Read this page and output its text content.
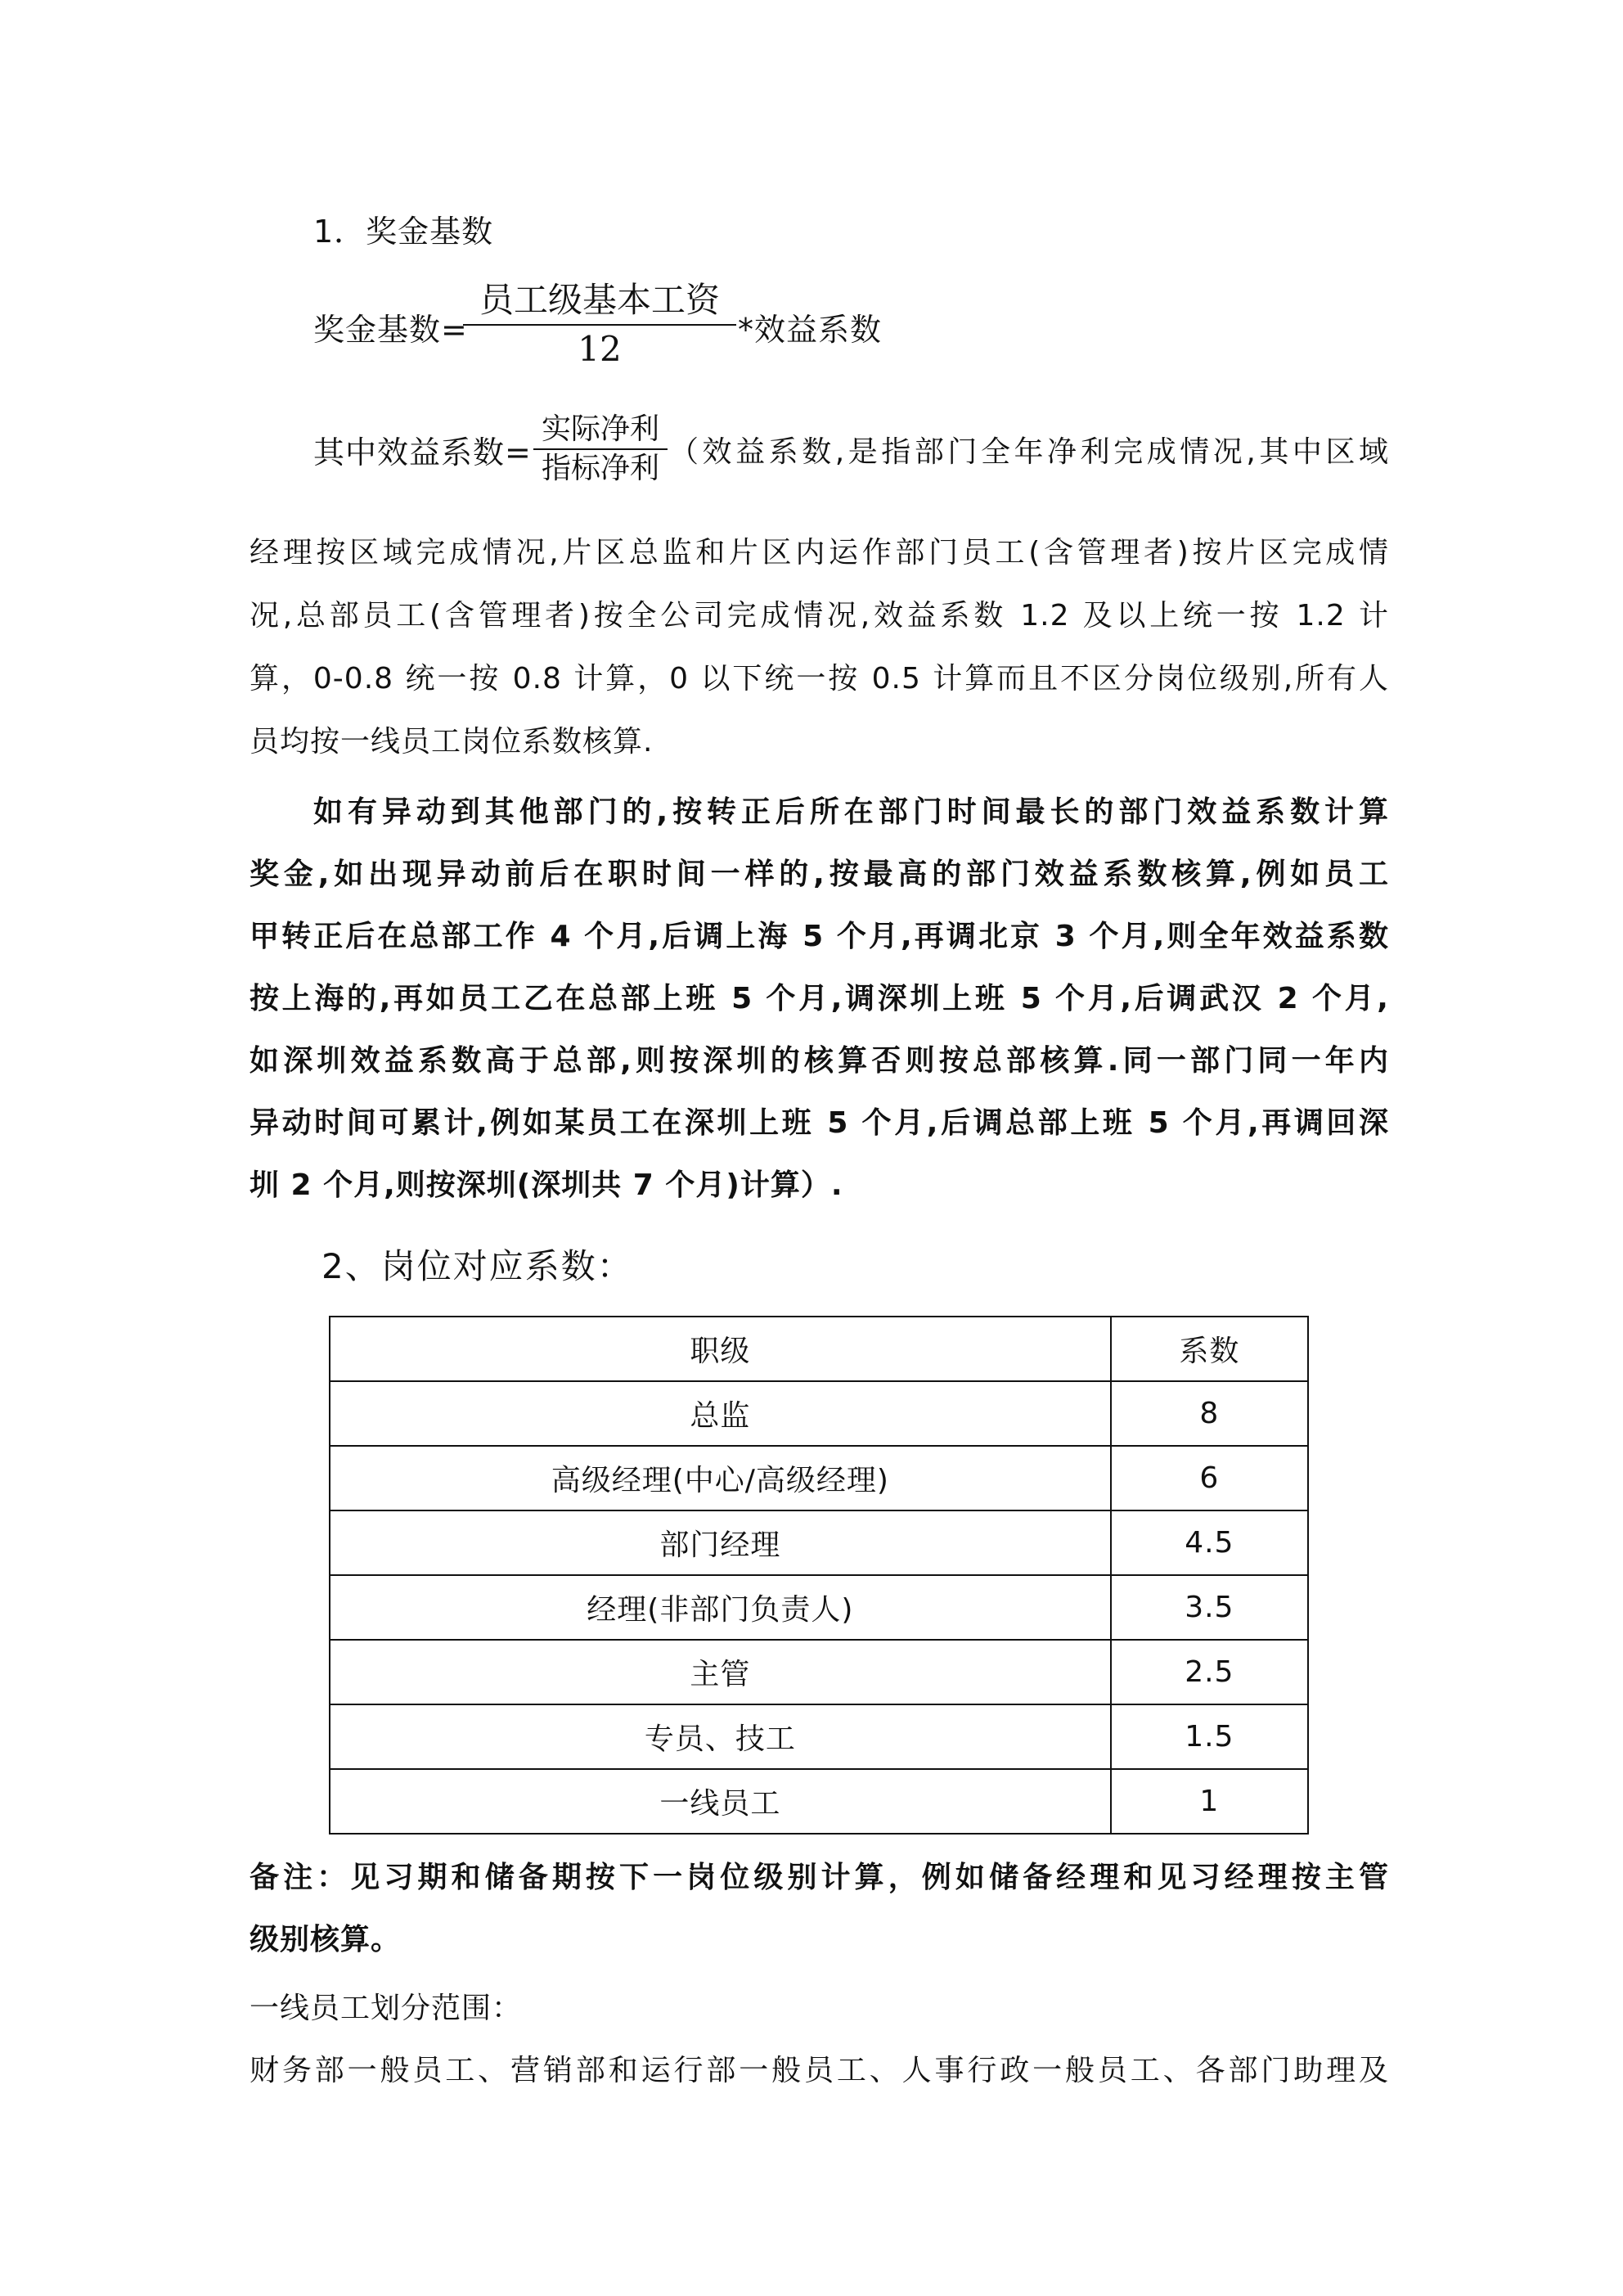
1．奖金基数
奖金基数=
员工级基本工资
12	*效益系数
其中效益系数=
实际净利
指标净利 （效益系数,是指部门全年净利完成情况,其中区域
经理按区域完成情况,片区总监和片区内运作部门员工(含管理者)按片区完成情
况,总部员工(含管理者)按全公司完成情况,效益系数 1.2 及以上统一按 1.2 计
算，0-0.8 统一按 0.8 计算，0 以下统一按 0.5 计算而且不区分岗位级别,所有人
员均按一线员工岗位系数核算.
如有异动到其他部门的,按转正后所在部门时间最长的部门效益系数计算
奖金,如出现异动前后在职时间一样的,按最高的部门效益系数核算,例如员工
甲转正后在总部工作 4 个月,后调上海 5 个月,再调北京 3 个月,则全年效益系数
按上海的,再如员工乙在总部上班 5 个月,调深圳上班 5 个月,后调武汉 2 个月,
如深圳效益系数高于总部,则按深圳的核算否则按总部核算.同一部门同一年内
异动时间可累计,例如某员工在深圳上班 5 个月,后调总部上班 5 个月,再调回深
圳 2 个月,则按深圳(深圳共 7 个月)计算）.
2、岗位对应系数：
职级	系数
总监	8
高级经理(中心/高级经理)	6
部门经理	4.5
经理(非部门负责人)	3.5
主管	2.5
专员、技工	1.5
一线员工	1
备注：见习期和储备期按下一岗位级别计算，例如储备经理和见习经理按主管
级别核算。
一线员工划分范围：
财务部一般员工、营销部和运行部一般员工、人事行政一般员工、各部门助理及
